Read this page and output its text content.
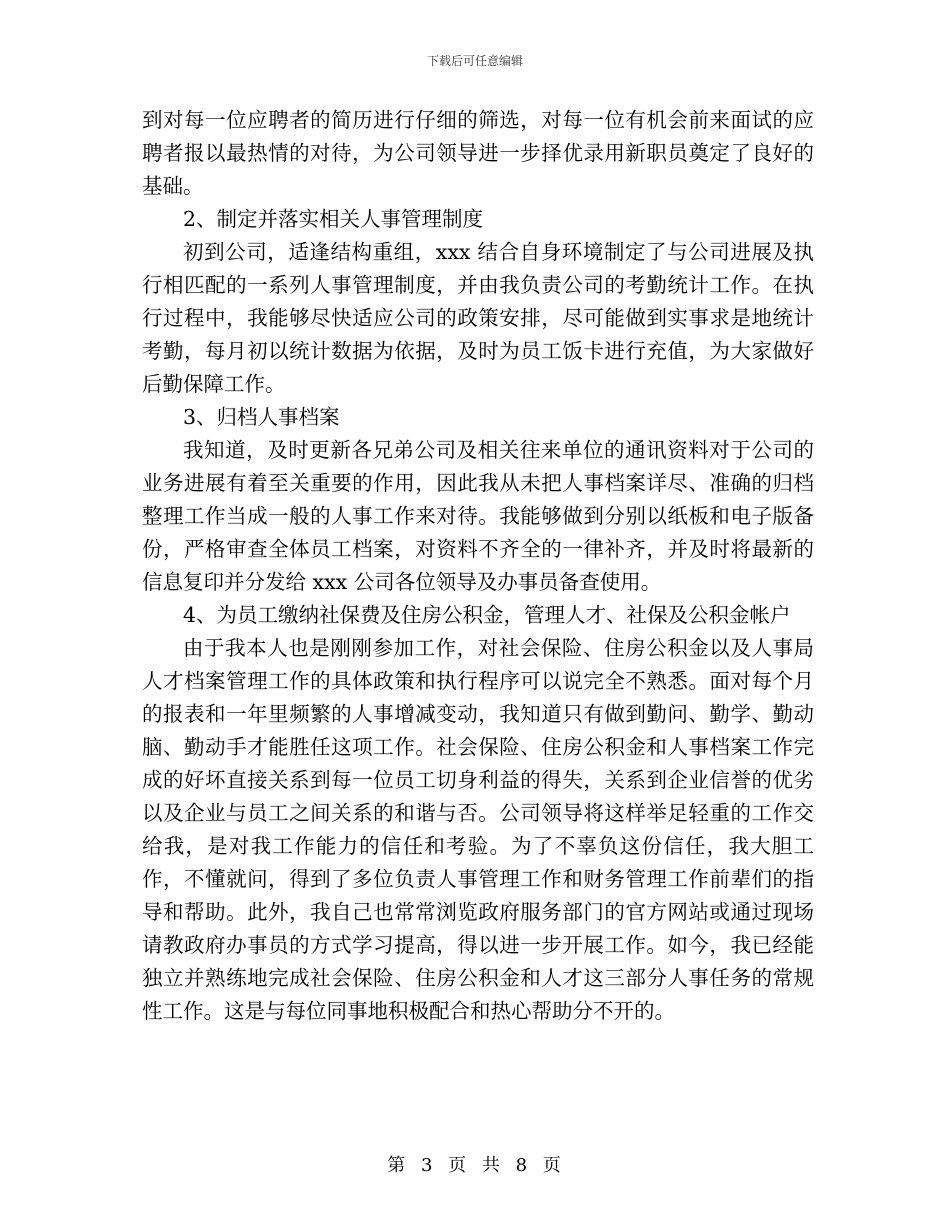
下载后可任意编辑

到对每一位应聘者的简历进行仔细的筛选，对每一位有机会前来面试的应聘者报以最热情的对待，为公司领导进一步择优录用新职员奠定了良好的基础。

2、制定并落实相关人事管理制度

初到公司，适逢结构重组，xxx 结合自身环境制定了与公司进展及执行相匹配的一系列人事管理制度，并由我负责公司的考勤统计工作。在执行过程中，我能够尽快适应公司的政策安排，尽可能做到实事求是地统计考勤，每月初以统计数据为依据，及时为员工饭卡进行充值，为大家做好后勤保障工作。

3、归档人事档案

我知道，及时更新各兄弟公司及相关往来单位的通讯资料对于公司的业务进展有着至关重要的作用，因此我从未把人事档案详尽、准确的归档整理工作当成一般的人事工作来对待。我能够做到分别以纸板和电子版备份，严格审查全体员工档案，对资料不齐全的一律补齐，并及时将最新的信息复印并分发给 xxx 公司各位领导及办事员备查使用。

4、为员工缴纳社保费及住房公积金，管理人才、社保及公积金帐户

由于我本人也是刚刚参加工作，对社会保险、住房公积金以及人事局人才档案管理工作的具体政策和执行程序可以说完全不熟悉。面对每个月的报表和一年里频繁的人事增减变动，我知道只有做到勤问、勤学、勤动脑、勤动手才能胜任这项工作。社会保险、住房公积金和人事档案工作完成的好坏直接关系到每一位员工切身利益的得失，关系到企业信誉的优劣以及企业与员工之间关系的和谐与否。公司领导将这样举足轻重的工作交给我，是对我工作能力的信任和考验。为了不辜负这份信任，我大胆工作，不懂就问，得到了多位负责人事管理工作和财务管理工作前辈们的指导和帮助。此外，我自己也常常浏览政府服务部门的官方网站或通过现场请教政府办事员的方式学习提高，得以进一步开展工作。如今，我已经能独立并熟练地完成社会保险、住房公积金和人才这三部分人事任务的常规性工作。这是与每位同事地积极配合和热心帮助分不开的。

第 3 页 共 8 页
